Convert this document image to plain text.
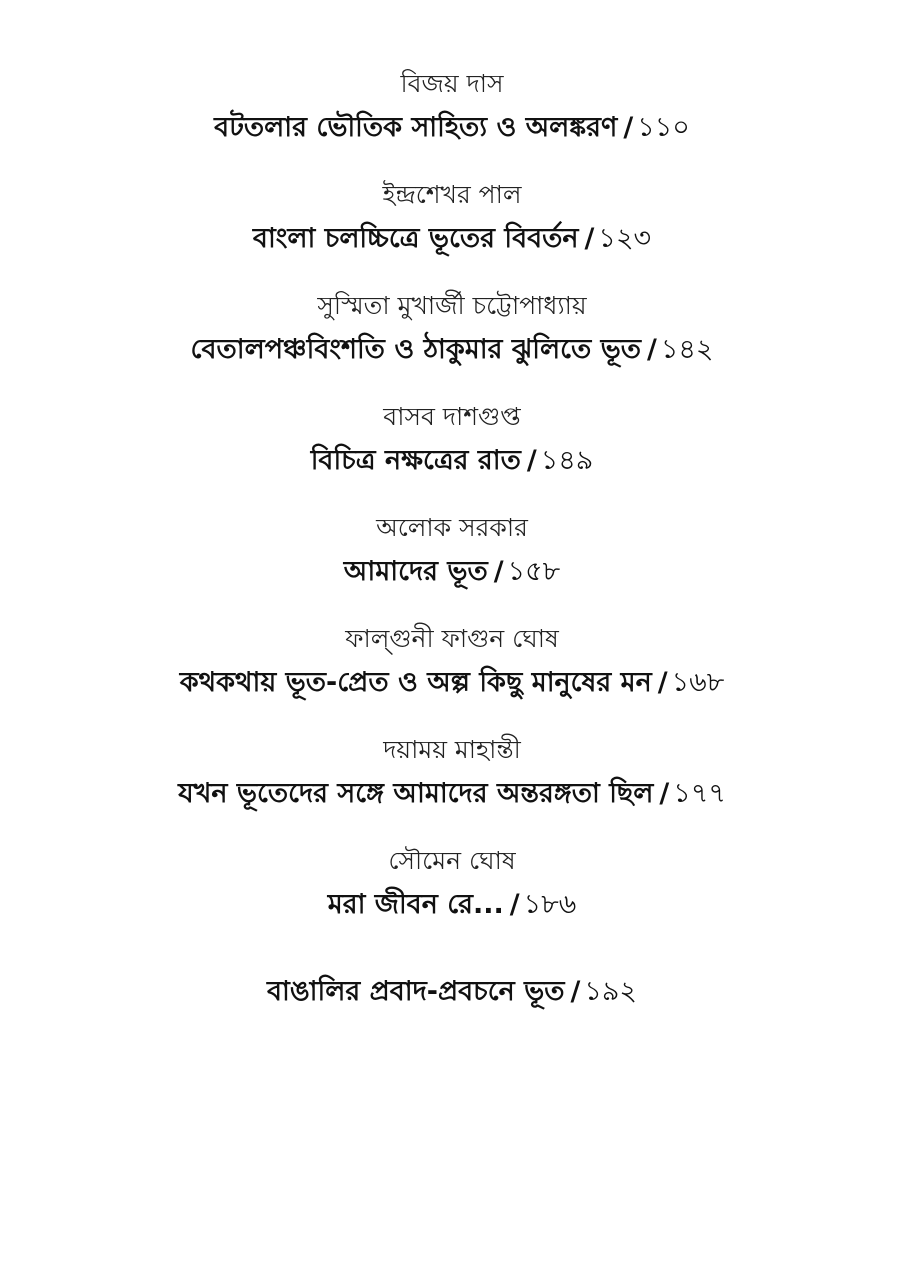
বিজয় দাস
বটতলার ভৌতিক সাহিত্য ও অলঙ্করণ / ১১০
ইন্দ্রশেখর পাল
বাংলা চলচ্চিত্রে ভূতের বিবর্তন / ১২৩
সুস্মিতা মুখার্জী চট্টোপাধ্যায়
বেতালপঞ্চবিংশতি ও ঠাকুমার ঝুলিতে ভূত / ১৪২
বাসব দাশগুপ্ত
বিচিত্র নক্ষত্রের রাত / ১৪৯
অলোক সরকার
আমাদের ভূত / ১৫৮
ফাল্গুনী ফাগুন ঘোষ
কথকথায় ভূত-প্রেত ও অল্প কিছু মানুষের মন / ১৬৮
দয়াময় মাহান্তী
যখন ভূতেদের সঙ্গে আমাদের অন্তরঙ্গতা ছিল / ১৭৭
সৌমেন ঘোষ
মরা জীবন রে... / ১৮৬
বাঙালির প্রবাদ-প্রবচনে ভূত / ১৯২
